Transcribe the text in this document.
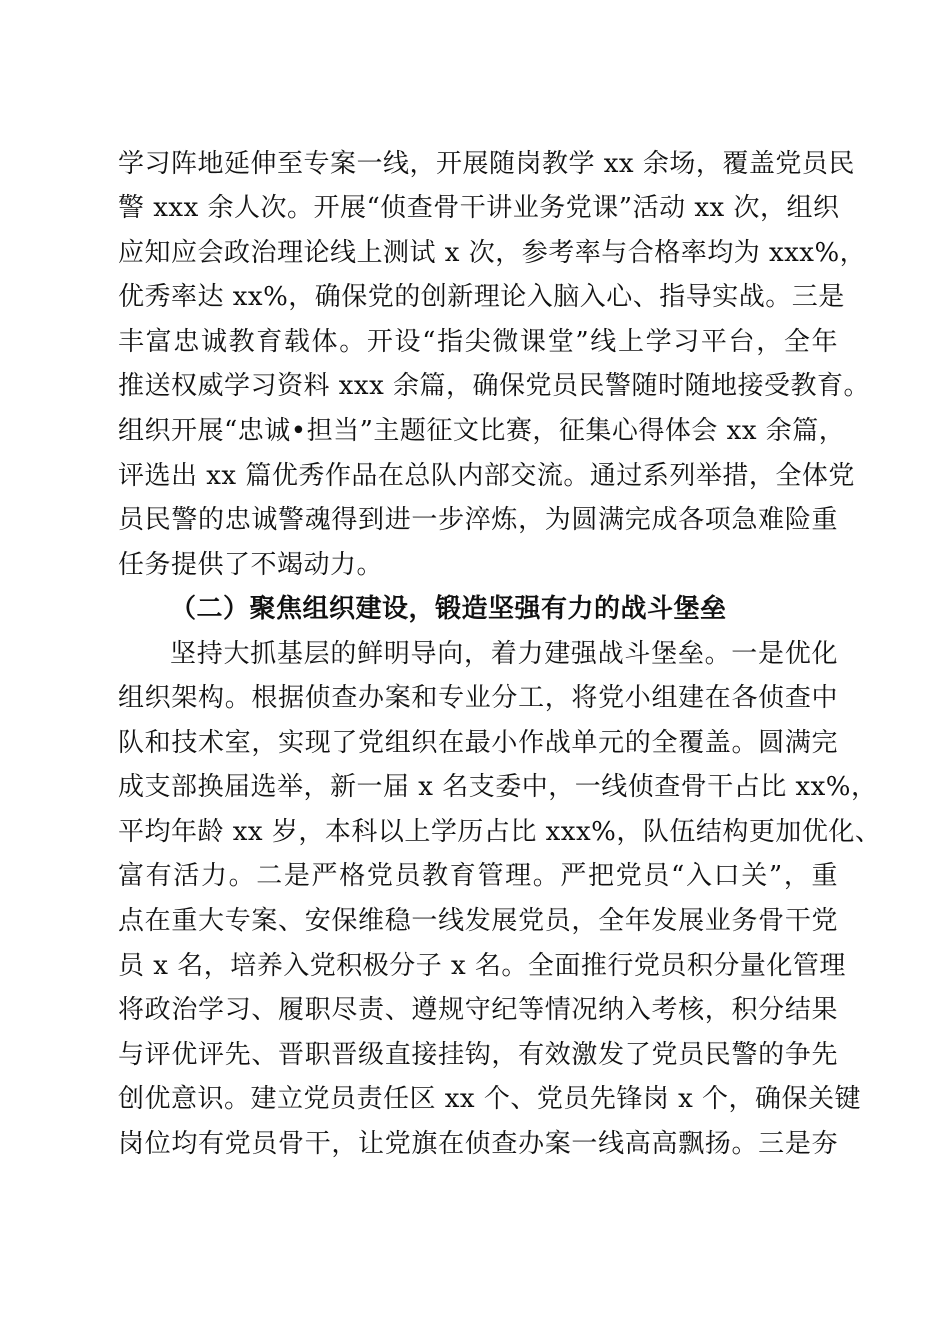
学习阵地延伸至专案一线，开展随岗教学 xx 余场，覆盖党员民
警 xxx 余人次。开展“侦查骨干讲业务党课”活动 xx 次，组织
应知应会政治理论线上测试 x 次，参考率与合格率均为 xxx%，
优秀率达 xx%，确保党的创新理论入脑入心、指导实战。三是
丰富忠诚教育载体。开设“指尖微课堂”线上学习平台，全年
推送权威学习资料 xxx 余篇，确保党员民警随时随地接受教育。
组织开展“忠诚•担当”主题征文比赛，征集心得体会 xx 余篇，
评选出 xx 篇优秀作品在总队内部交流。通过系列举措，全体党
员民警的忠诚警魂得到进一步淬炼，为圆满完成各项急难险重
任务提供了不竭动力。
（二）聚焦组织建设，锻造坚强有力的战斗堡垒
坚持大抓基层的鲜明导向，着力建强战斗堡垒。一是优化
组织架构。根据侦查办案和专业分工，将党小组建在各侦查中
队和技术室，实现了党组织在最小作战单元的全覆盖。圆满完
成支部换届选举，新一届 x 名支委中，一线侦查骨干占比 xx%，
平均年龄 xx 岁，本科以上学历占比 xxx%，队伍结构更加优化、
富有活力。二是严格党员教育管理。严把党员“入口关”，重
点在重大专案、安保维稳一线发展党员，全年发展业务骨干党
员 x 名，培养入党积极分子 x 名。全面推行党员积分量化管理
将政治学习、履职尽责、遵规守纪等情况纳入考核，积分结果
与评优评先、晋职晋级直接挂钩，有效激发了党员民警的争先
创优意识。建立党员责任区 xx 个、党员先锋岗 x 个，确保关键
岗位均有党员骨干，让党旗在侦查办案一线高高飘扬。三是夯
